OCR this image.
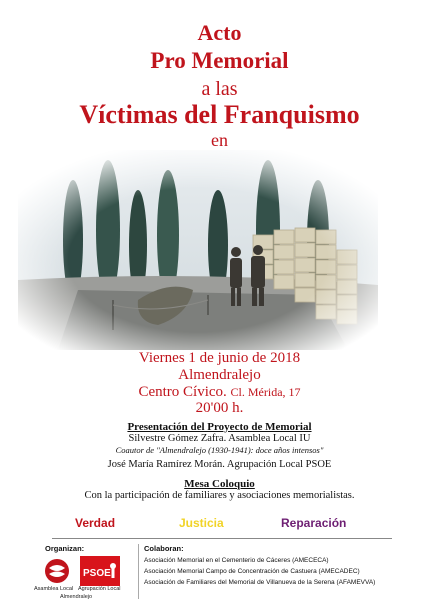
Acto
Pro Memorial
a las
Víctimas del Franquismo
en
Viernes 1 de junio de 2018
Almendralejo
Centro Cívico. Cl. Mérida, 17
20'00 h.
Presentación del Proyecto de Memorial
Silvestre Gómez Zafra. Asamblea Local IU
Coautor de "Almendralejo (1930-1941): doce años intensos"
José María Ramírez Morán. Agrupación Local PSOE
Mesa Coloquio
Con la participación de familiares y asociaciones memorialistas.
Verdad	Justicia	Reparación
Organizan:
PSOE
Asamblea Local Agrupación Local
Almendralejo
Colaboran:
Asociación Memorial en el Cementerio de Cáceres (AMECECA)
Asociación Memorial Campo de Concentración de Castuera (AMECADEC)
Asociación de Familiares del Memorial de Villanueva de la Serena (AFAMEVVA)
